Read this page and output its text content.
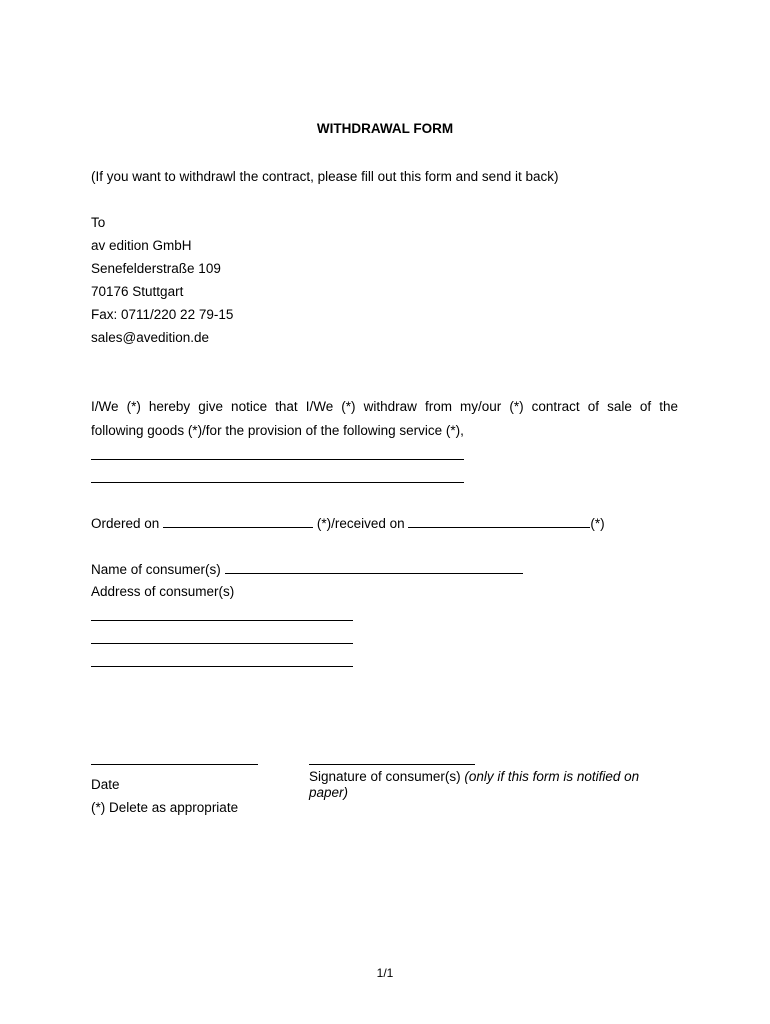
WITHDRAWAL FORM
(If you want to withdrawl the contract, please fill out this form and send it back)
To
av edition GmbH
Senefelderstraße 109
70176 Stuttgart
Fax: 0711/220 22 79-15
sales@avedition.de
I/We (*) hereby give notice that I/We (*) withdraw from my/our (*) contract of sale of the
following goods (*)/for the provision of the following service (*),
Ordered on	(*)/received on	(*)
Name of consumer(s)
Address of consumer(s)
Date
Signature of consumer(s) (only if this form is notified on paper)
(*) Delete as appropriate
1/1
